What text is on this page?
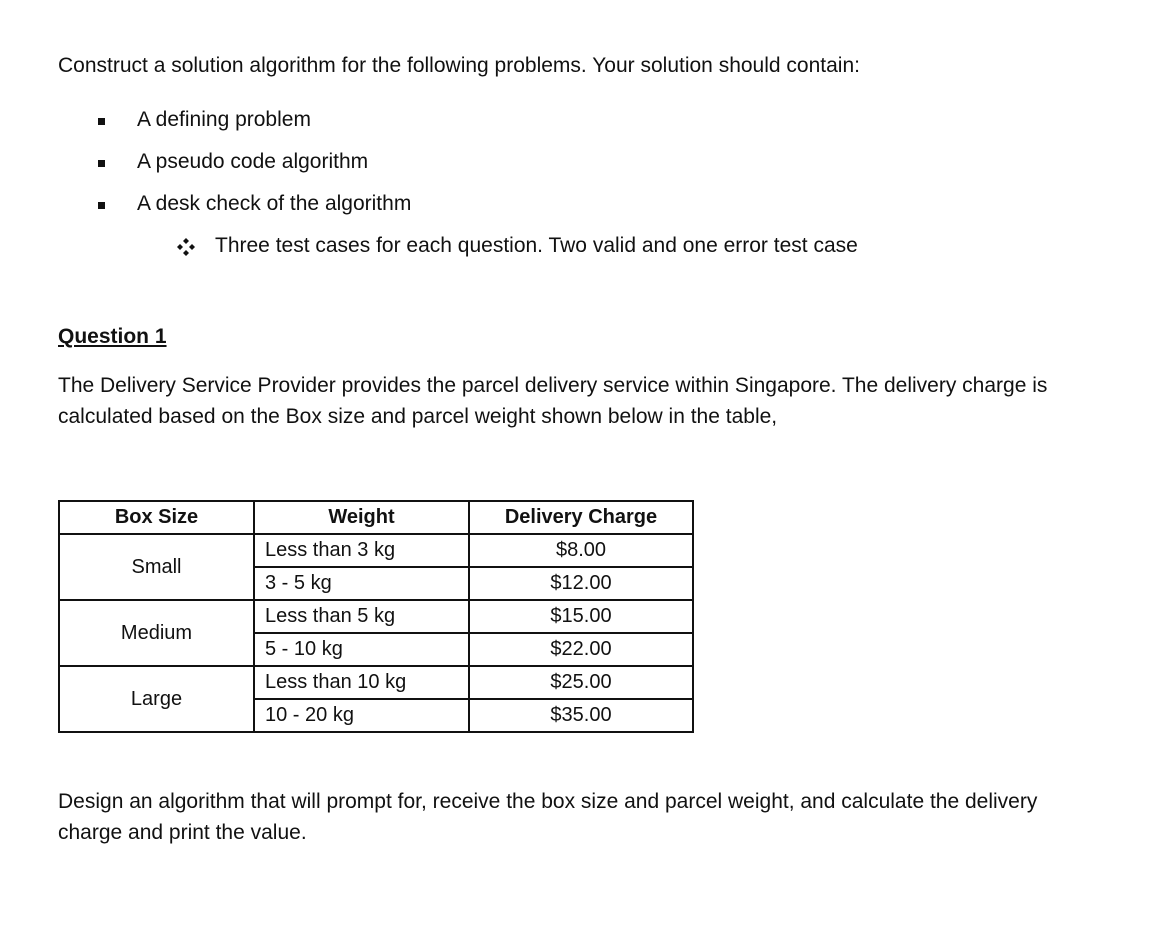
Construct a solution algorithm for the following problems. Your solution should contain:
A defining problem
A pseudo code algorithm
A desk check of the algorithm
Three test cases for each question. Two valid and one error test case
Question 1
The Delivery Service Provider provides the parcel delivery service within Singapore. The delivery charge is
calculated based on the Box size and parcel weight shown below in the table,
Box Size	Weight	Delivery Charge
Small	Less than 3 kg	$8.00
	3 - 5 kg	$12.00
Medium	Less than 5 kg	$15.00
	5 - 10 kg	$22.00
Large	Less than 10 kg	$25.00
	10 - 20 kg	$35.00
Design an algorithm that will prompt for, receive the box size and parcel weight, and calculate the delivery
charge and print the value.
